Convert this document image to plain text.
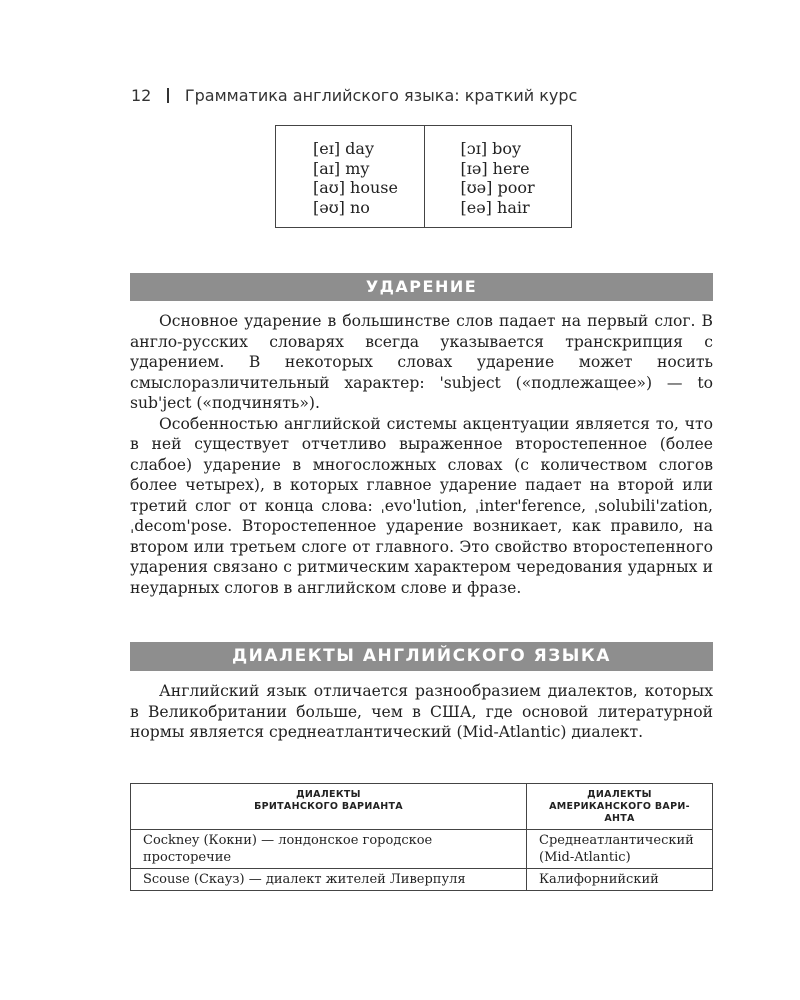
12 Грамматика английского языка: краткий курс
[eɪ] day
[aɪ] my
[aʊ] house
[əʊ] no
[ɔɪ] boy
[ɪə] here
[ʊə] poor
[eə] hair
УДАРЕНИЕ

Основное ударение в большинстве слов падает на первый слог. В англо-русских словарях всегда указывается транскрипция с ударением. В некоторых словах ударение может носить смыслоразличительный характер: 'subject («подлежащее») — to sub'ject («подчинять»).

Особенностью английской системы акцентуации является то, что в ней существует отчетливо выраженное второстепенное (более слабое) ударение в многосложных словах (с количеством слогов более четырех), в которых главное ударение падает на второй или третий слог от конца слова: ˌevo'lution, ˌinter'ference, ˌsolubili'zation, ˌdecom'pose. Второстепенное ударение возникает, как правило, на втором или третьем слоге от главного. Это свойство второстепенного ударения связано с ритмическим характером чередования ударных и неударных слогов в английском слове и фразе.

ДИАЛЕКТЫ АНГЛИЙСКОГО ЯЗЫКА

Английский язык отличается разнообразием диалектов, которых в Великобритании больше, чем в США, где основой литературной нормы является среднеатлантический (Mid-Atlantic) диалект.

ДИАЛЕКТЫ
БРИТАНСКОГО ВАРИАНТА	ДИАЛЕКТЫ
АМЕРИКАНСКОГО ВАРИ-
АНТА

Cockney (Кокни) — лондонское городское просторечие	Среднеатлантический (Mid-Atlantic)
Scouse (Скауз) — диалект жителей Ливерпуля	Калифорнийский
